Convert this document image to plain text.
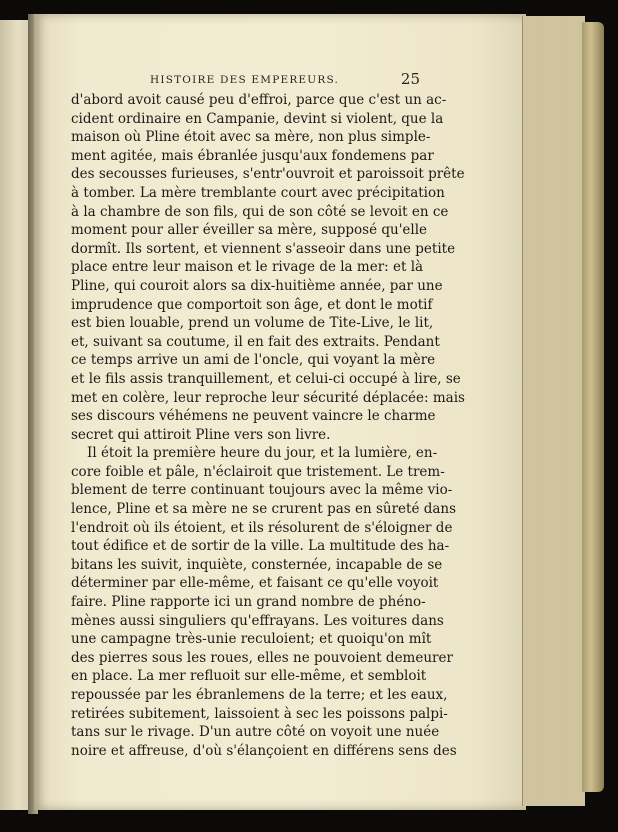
HISTOIRE DES EMPEREURS.	25
d'abord avoit causé peu d'effroi, parce que c'est un ac-
cident ordinaire en Campanie, devint si violent, que la
maison où Pline étoit avec sa mère, non plus simple-
ment agitée, mais ébranlée jusqu'aux fondemens par
des secousses furieuses, s'entr'ouvroit et paroissoit prête
à tomber. La mère tremblante court avec précipitation
à la chambre de son fils, qui de son côté se levoit en ce
moment pour aller éveiller sa mère, supposé qu'elle
dormît. Ils sortent, et viennent s'asseoir dans une petite
place entre leur maison et le rivage de la mer: et là
Pline, qui couroit alors sa dix-huitième année, par une
imprudence que comportoit son âge, et dont le motif
est bien louable, prend un volume de Tite-Live, le lit,
et, suivant sa coutume, il en fait des extraits. Pendant
ce temps arrive un ami de l'oncle, qui voyant la mère
et le fils assis tranquillement, et celui-ci occupé à lire, se
met en colère, leur reproche leur sécurité déplacée: mais
ses discours véhémens ne peuvent vaincre le charme
secret qui attiroit Pline vers son livre.
Il étoit la première heure du jour, et la lumière, en-
core foible et pâle, n'éclairoit que tristement. Le trem-
blement de terre continuant toujours avec la même vio-
lence, Pline et sa mère ne se crurent pas en sûreté dans
l'endroit où ils étoient, et ils résolurent de s'éloigner de
tout édifice et de sortir de la ville. La multitude des ha-
bitans les suivit, inquiète, consternée, incapable de se
déterminer par elle-même, et faisant ce qu'elle voyoit
faire. Pline rapporte ici un grand nombre de phéno-
mènes aussi singuliers qu'effrayans. Les voitures dans
une campagne très-unie reculoient; et quoiqu'on mît
des pierres sous les roues, elles ne pouvoient demeurer
en place. La mer refluoit sur elle-même, et sembloit
repoussée par les ébranlemens de la terre; et les eaux,
retirées subitement, laissoient à sec les poissons palpi-
tans sur le rivage. D'un autre côté on voyoit une nuée
noire et affreuse, d'où s'élançoient en différens sens des
